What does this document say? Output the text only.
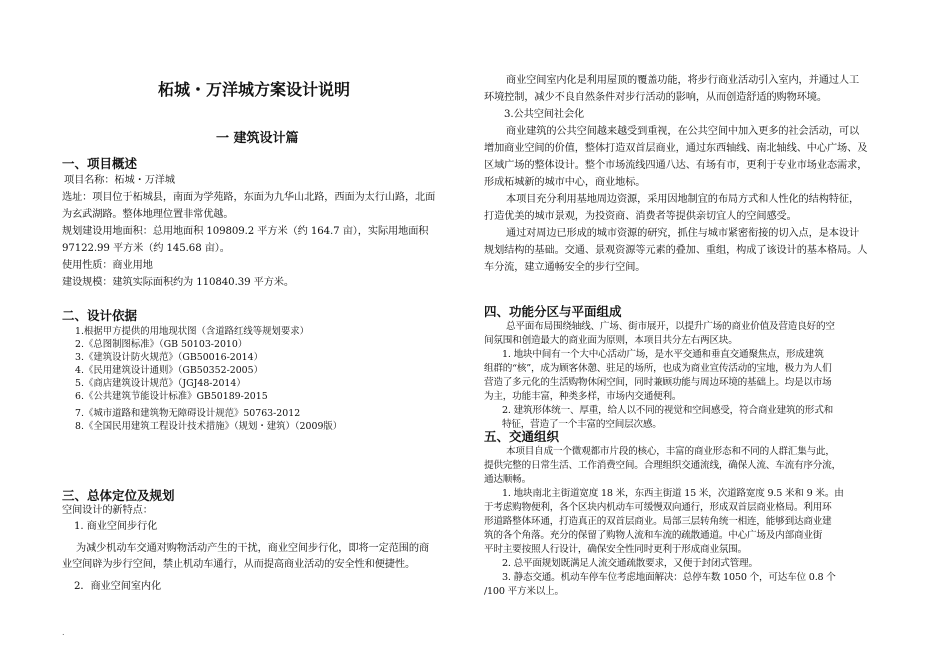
柘城・万洋城方案设计说明
一 建筑设计篇
一、项目概述
项目名称：柘城・万洋城
选址：项目位于柘城县，南面为学苑路，东面为九华山北路，西面为太行山路，北面
为玄武湖路。整体地理位置非常优越。
规划建设用地面积：总用地面积 109809.2 平方米（约 164.7 亩），实际用地面积
97122.99 平方米（约 145.68 亩）。
使用性质：商业用地
建设规模：建筑实际面积约为 110840.39 平方米。
二、设计依据
1.根据甲方提供的用地现状图（含道路红线等规划要求）
2.《总图制图标准》（GB 50103-2010）
3.《建筑设计防火规范》（GB50016-2014）
4.《民用建筑设计通则》（GB50352-2005）
5.《商店建筑设计规范》（JGJ48-2014）
6.《公共建筑节能设计标准》GB50189-2015
7.《城市道路和建筑物无障碍设计规范》50763-2012
8.《全国民用建筑工程设计技术措施》（规划・建筑）（2009版）
三、总体定位及规划
空间设计的新特点：
1. 商业空间步行化
为减少机动车交通对购物活动产生的干扰，商业空间步行化，即将一定范围的商
业空间辟为步行空间，禁止机动车通行，从而提高商业活动的安全性和便捷性。
2．商业空间室内化
商业空间室内化是利用屋顶的覆盖功能，将步行商业活动引入室内，并通过人工
环境控制，减少不良自然条件对步行活动的影响，从而创造舒适的购物环境。
3.公共空间社会化
商业建筑的公共空间越来越受到重视，在公共空间中加入更多的社会活动，可以
增加商业空间的价值，整体打造双首层商业，通过东西轴线、南北轴线、中心广场、及
区域广场的整体设计。整个市场流线四通八达、有场有市，更利于专业市场业态需求，
形成柘城新的城市中心，商业地标。
本项目充分利用基地周边资源，采用因地制宜的布局方式和人性化的结构特征，
打造优美的城市景观，为投资商、消费者等提供亲切宜人的空间感受。
通过对周边已形成的城市资源的研究，抓住与城市紧密衔接的切入点，是本设计
规划结构的基础。交通、景观资源等元素的叠加、重组，构成了该设计的基本格局。人
车分流，建立通畅安全的步行空间。
四、功能分区与平面组成
总平面布局围绕轴线、广场、街市展开，以提升广场的商业价值及营造良好的空
间氛围和创造最大的商业面为原则，本项目共分左右两区块。
1. 地块中间有一个大中心活动广场，是水平交通和垂直交通聚焦点，形成建筑
组群的“核”，成为顾客休憩、驻足的场所，也成为商业宣传活动的宝地，极力为人们
营造了多元化的生活购物休闲空间，同时兼顾功能与周边环境的基础上。均是以市场
为主，功能丰富，种类多样，市场内交通便利。
2. 建筑形体统一、厚重，给人以不同的视觉和空间感受，符合商业建筑的形式和
特征，营造了一个丰富的空间层次感。
五、交通组织
本项目自成一个微观都市片段的核心，丰富的商业形态和不同的人群汇集与此，
提供完整的日常生活、工作消费空间。合理组织交通流线，确保人流、车流有序分流，
通达顺畅。
1. 地块南北主街道宽度 18 米，东西主街道 15 米，次道路宽度 9.5 米和 9 米。由
于考虑购物便利，各个区块内机动车可缓慢双向通行，形成双首层商业格局。利用环
形道路整体环通，打造真正的双首层商业。局部三层转角统一相连，能够到达商业建
筑的各个角落。充分的保留了购物人流和车流的疏散通道。中心广场及内部商业街
平时主要按照人行设计，确保安全性同时更利于形成商业氛围。
2. 总平面规划既满足人流交通疏散要求，又便于封闭式管理。
3. 静态交通。机动车停车位考虑地面解决：总停车数 1050 个，可达车位 0.8 个
/100 平方米以上。
.
